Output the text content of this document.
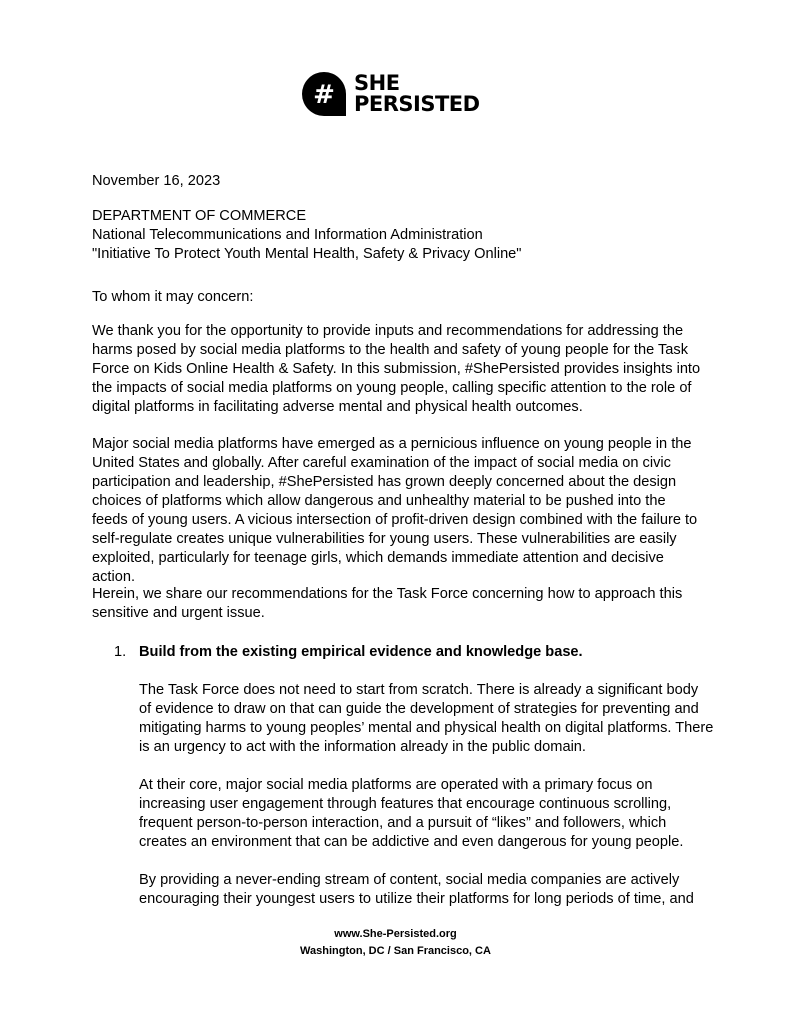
# SHE
PERSISTED
November 16, 2023
DEPARTMENT OF COMMERCE
National Telecommunications and Information Administration
"Initiative To Protect Youth Mental Health, Safety & Privacy Online"
To whom it may concern:
We thank you for the opportunity to provide inputs and recommendations for addressing the harms posed by social media platforms to the health and safety of young people for the Task Force on Kids Online Health & Safety. In this submission, #ShePersisted provides insights into the impacts of social media platforms on young people, calling specific attention to the role of digital platforms in facilitating adverse mental and physical health outcomes.
Major social media platforms have emerged as a pernicious influence on young people in the United States and globally. After careful examination of the impact of social media on civic participation and leadership, #ShePersisted has grown deeply concerned about the design choices of platforms which allow dangerous and unhealthy material to be pushed into the feeds of young users. A vicious intersection of profit-driven design combined with the failure to self-regulate creates unique vulnerabilities for young users. These vulnerabilities are easily exploited, particularly for teenage girls, which demands immediate attention and decisive action.
Herein, we share our recommendations for the Task Force concerning how to approach this sensitive and urgent issue.
1. Build from the existing empirical evidence and knowledge base.
The Task Force does not need to start from scratch. There is already a significant body of evidence to draw on that can guide the development of strategies for preventing and mitigating harms to young peoples’ mental and physical health on digital platforms. There is an urgency to act with the information already in the public domain.
At their core, major social media platforms are operated with a primary focus on increasing user engagement through features that encourage continuous scrolling, frequent person-to-person interaction, and a pursuit of “likes” and followers, which creates an environment that can be addictive and even dangerous for young people.
By providing a never-ending stream of content, social media companies are actively encouraging their youngest users to utilize their platforms for long periods of time, and
www.She-Persisted.org
Washington, DC / San Francisco, CA
